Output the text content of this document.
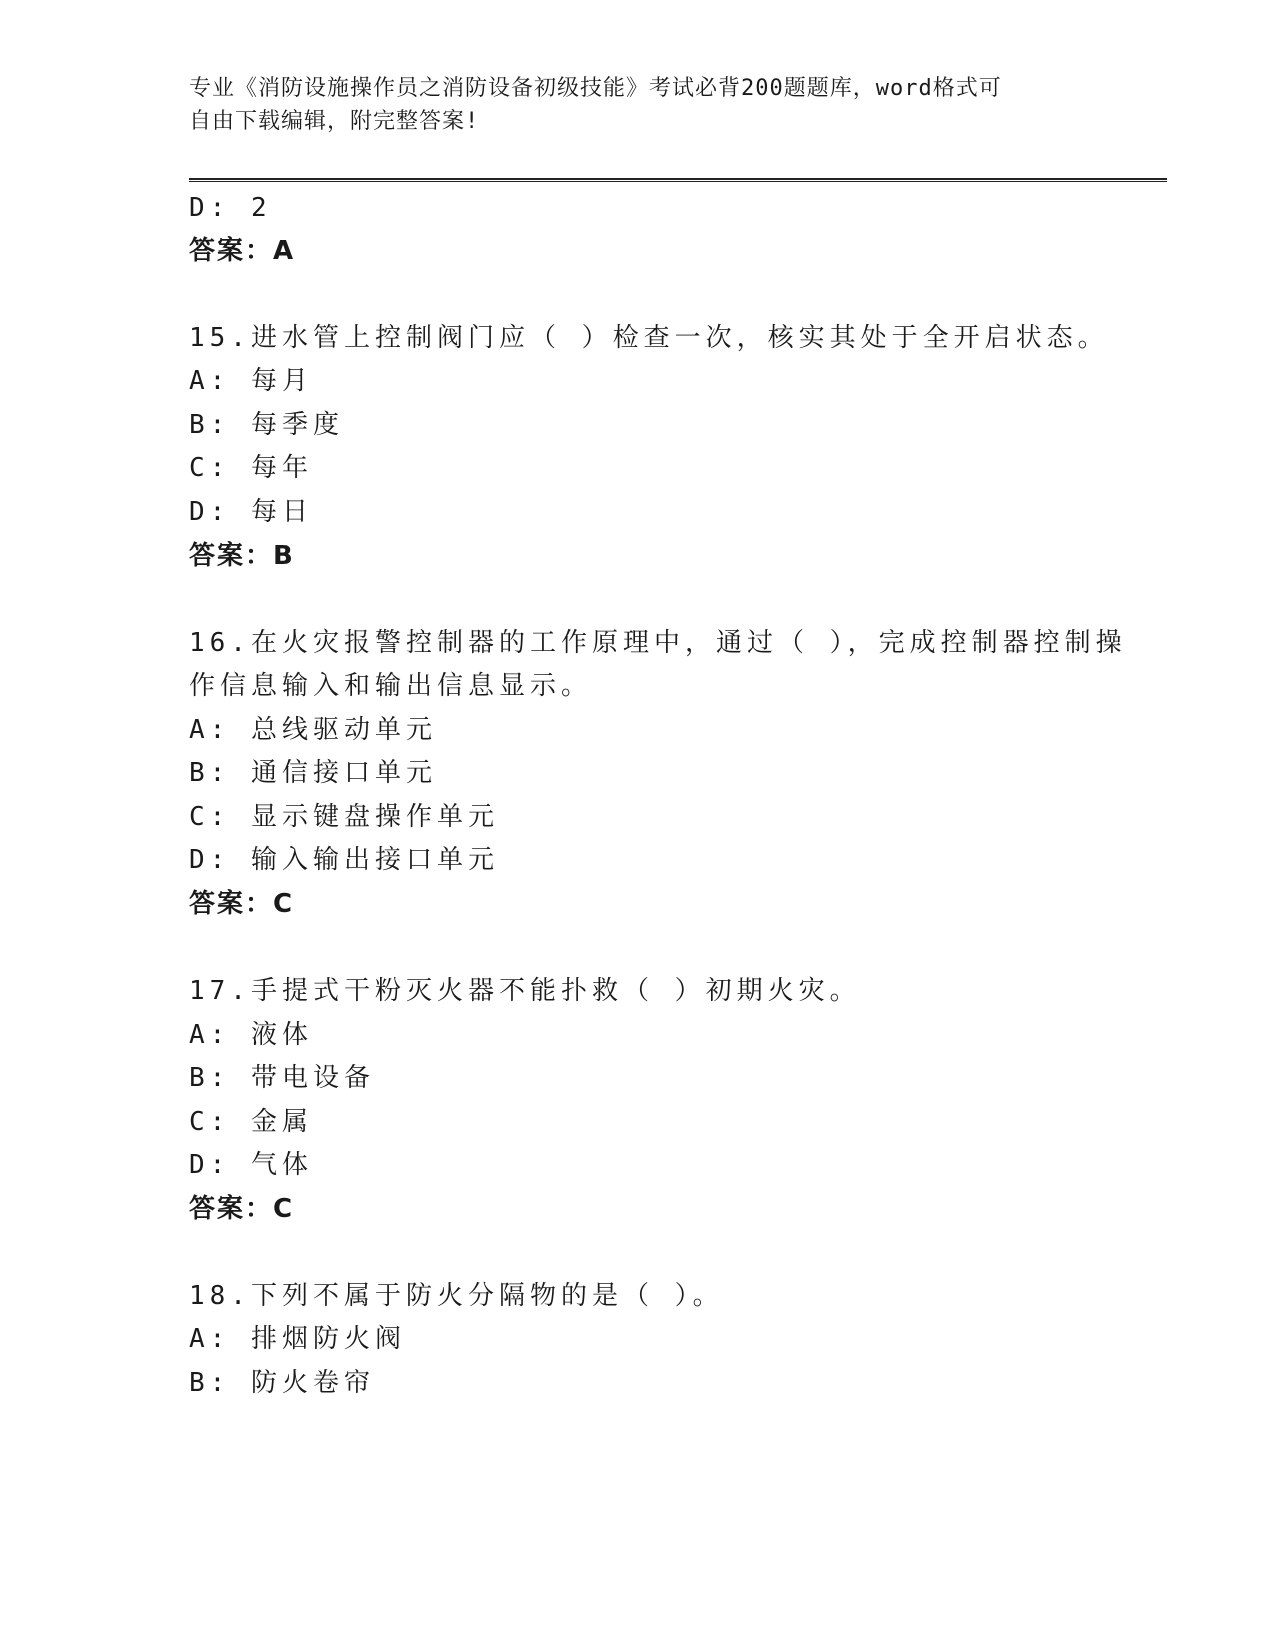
专业《消防设施操作员之消防设备初级技能》考试必背200题题库，word格式可
自由下载编辑，附完整答案!
D: 2
答案：A
15.进水管上控制阀门应（ ）检查一次，核实其处于全开启状态。
A: 每月
B: 每季度
C: 每年
D: 每日
答案：B
16.在火灾报警控制器的工作原理中，通过（ ），完成控制器控制操
作信息输入和输出信息显示。
A: 总线驱动单元
B: 通信接口单元
C: 显示键盘操作单元
D: 输入输出接口单元
答案：C
17.手提式干粉灭火器不能扑救（ ）初期火灾。
A: 液体
B: 带电设备
C: 金属
D: 气体
答案：C
18.下列不属于防火分隔物的是（ ）。
A: 排烟防火阀
B: 防火卷帘
